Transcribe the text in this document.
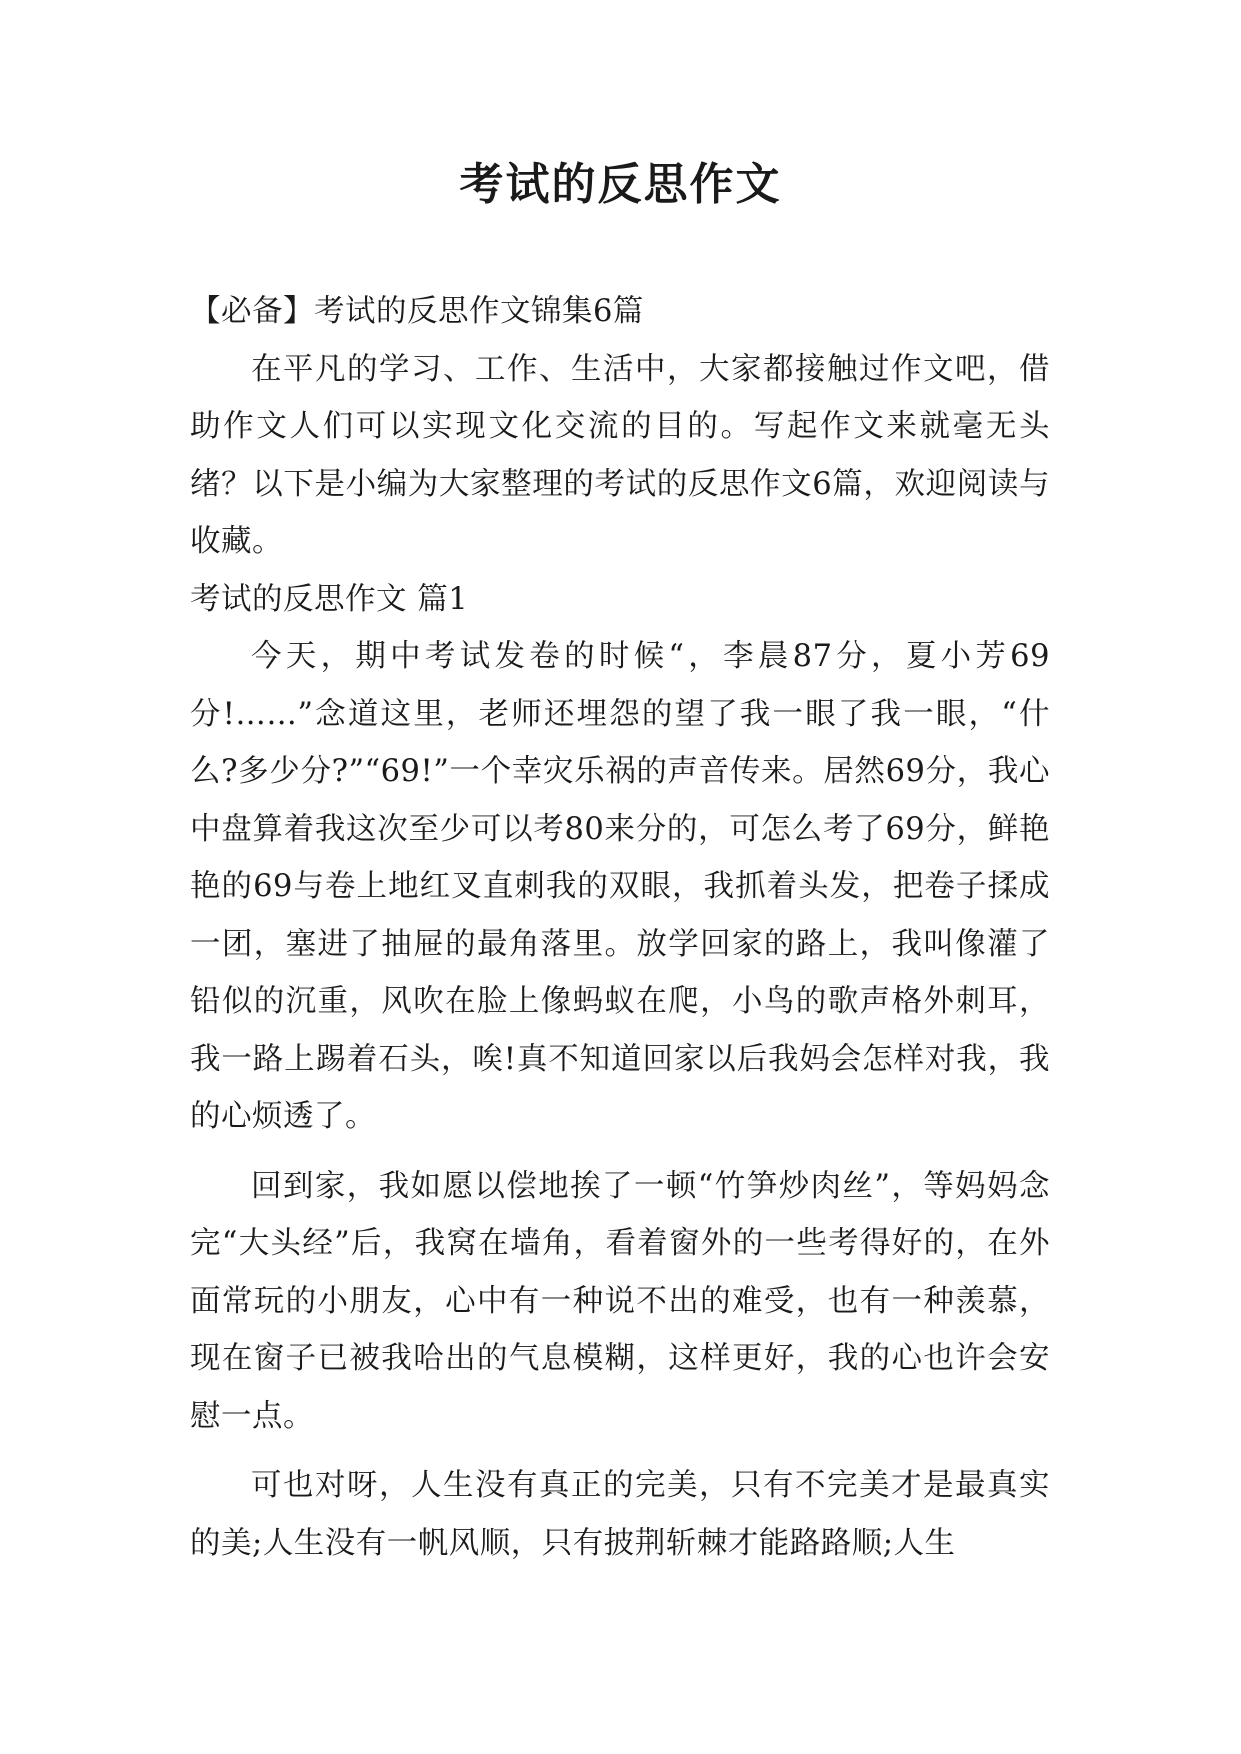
考试的反思作文

【必备】考试的反思作文锦集6篇

在平凡的学习、工作、生活中，大家都接触过作文吧，借助作文人们可以实现文化交流的目的。写起作文来就毫无头绪？以下是小编为大家整理的考试的反思作文6篇，欢迎阅读与收藏。

考试的反思作文 篇1

今天，期中考试发卷的时候“，李晨87分，夏小芳69分!……”念道这里，老师还埋怨的望了我一眼了我一眼，“什么?多少分?”“69!”一个幸灾乐祸的声音传来。居然69分，我心中盘算着我这次至少可以考80来分的，可怎么考了69分，鲜艳艳的69与卷上地红叉直刺我的双眼，我抓着头发，把卷子揉成一团，塞进了抽屉的最角落里。放学回家的路上，我叫像灌了铅似的沉重，风吹在脸上像蚂蚁在爬，小鸟的歌声格外刺耳，我一路上踢着石头，唉!真不知道回家以后我妈会怎样对我，我的心烦透了。

回到家，我如愿以偿地挨了一顿“竹笋炒肉丝”，等妈妈念完“大头经”后，我窝在墙角，看着窗外的一些考得好的，在外面常玩的小朋友，心中有一种说不出的难受，也有一种羡慕，现在窗子已被我哈出的气息模糊，这样更好，我的心也许会安慰一点。

可也对呀，人生没有真正的完美，只有不完美才是最真实的美;人生没有一帆风顺，只有披荆斩棘才能路路顺;人生
